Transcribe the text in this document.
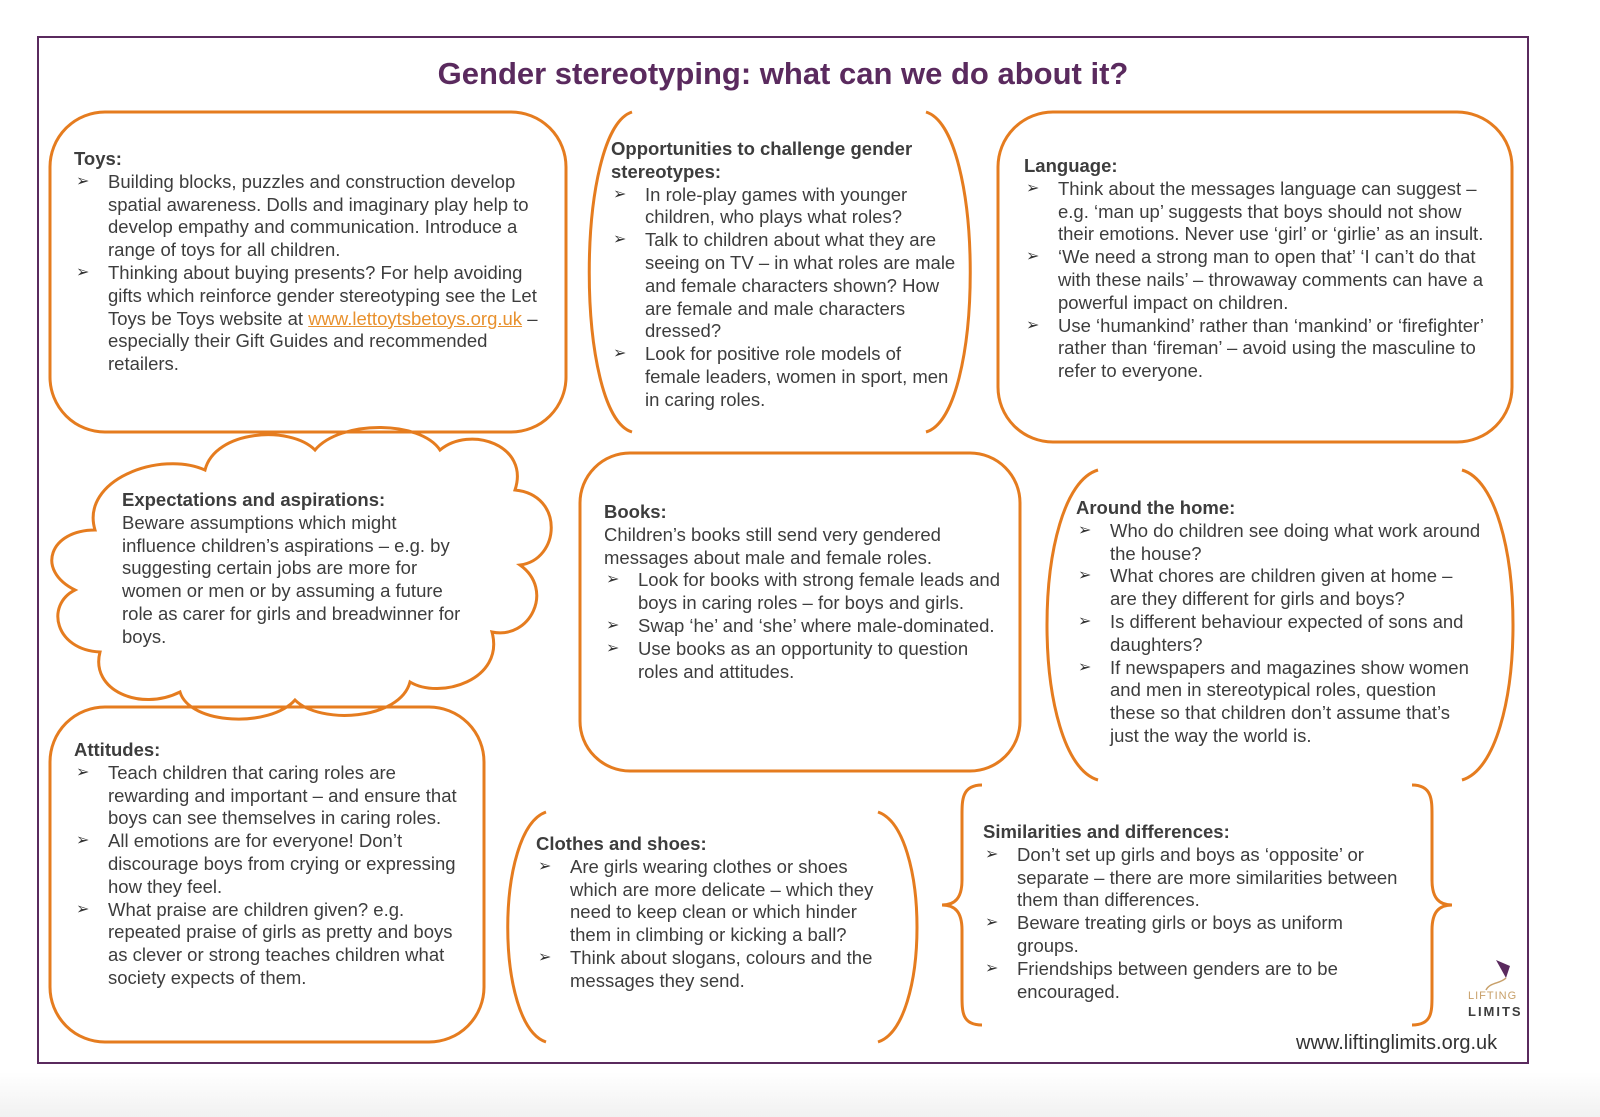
Gender stereotyping: what can we do about it?
Toys:
➢ Building blocks, puzzles and construction develop spatial awareness. Dolls and imaginary play help to develop empathy and communication. Introduce a range of toys for all children.
➢ Thinking about buying presents? For help avoiding gifts which reinforce gender stereotyping see the Let Toys be Toys website at www.lettoytsbetoys.org.uk – especially their Gift Guides and recommended retailers.
Opportunities to challenge gender stereotypes:
➢ In role-play games with younger children, who plays what roles?
➢ Talk to children about what they are seeing on TV – in what roles are male and female characters shown? How are female and male characters dressed?
➢ Look for positive role models of female leaders, women in sport, men in caring roles.
Language:
➢ Think about the messages language can suggest – e.g. ‘man up’ suggests that boys should not show their emotions. Never use ‘girl’ or ‘girlie’ as an insult.
➢ ‘We need a strong man to open that’ ‘I can’t do that with these nails’ – throwaway comments can have a powerful impact on children.
➢ Use ‘humankind’ rather than ‘mankind’ or ‘firefighter’ rather than ‘fireman’ – avoid using the masculine to refer to everyone.
Expectations and aspirations:

Beware assumptions which might influence children’s aspirations – e.g. by suggesting certain jobs are more for women or men or by assuming a future role as carer for girls and breadwinner for boys.

Books:

Children’s books still send very gendered messages about male and female roles.

➢ Look for books with strong female leads and boys in caring roles – for boys and girls.
➢ Swap ‘he’ and ‘she’ where male-dominated.
➢ Use books as an opportunity to question roles and attitudes.
Around the home:
➢ Who do children see doing what work around the house?
➢ What chores are children given at home – are they different for girls and boys?
➢ Is different behaviour expected of sons and daughters?
➢ If newspapers and magazines show women and men in stereotypical roles, question these so that children don’t assume that’s just the way the world is.
Attitudes:
➢ Teach children that caring roles are rewarding and important – and ensure that boys can see themselves in caring roles.
➢ All emotions are for everyone! Don’t discourage boys from crying or expressing how they feel.
➢ What praise are children given? e.g. repeated praise of girls as pretty and boys as clever or strong teaches children what society expects of them.
Clothes and shoes:
➢ Are girls wearing clothes or shoes which are more delicate – which they need to keep clean or which hinder them in climbing or kicking a ball?
➢ Think about slogans, colours and the messages they send.
Similarities and differences:
➢ Don’t set up girls and boys as ‘opposite’ or separate – there are more similarities between them than differences.
➢ Beware treating girls or boys as uniform groups.
➢ Friendships between genders are to be encouraged.	LIFTING
LIMITS
www.liftinglimits.org.uk
